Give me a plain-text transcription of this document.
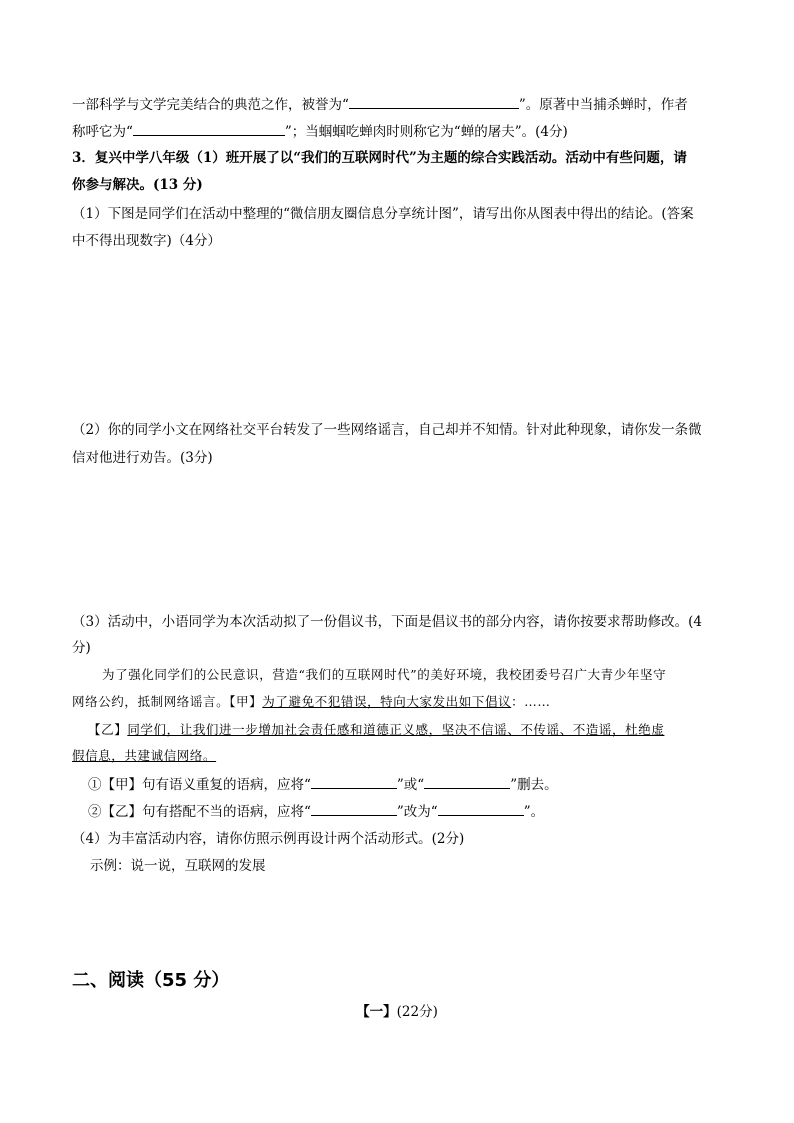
一部科学与文学完美结合的典范之作，被誉为“	”。原著中当捕杀蝉时，作者
称呼它为“	”；当蝈蝈吃蝉肉时则称它为“蝉的屠夫”。(4分)
3．复兴中学八年级（1）班开展了以“我们的互联网时代”为主题的综合实践活动。活动中有些问题，请
你参与解决。(13 分)
（1）下图是同学们在活动中整理的“微信朋友圈信息分享统计图”，请写出你从图表中得出的结论。(答案
中不得出现数字)（4分）
（2）你的同学小文在网络社交平台转发了一些网络谣言，自己却并不知情。针对此种现象，请你发一条微
信对他进行劝告。(3分)
（3）活动中，小语同学为本次活动拟了一份倡议书，下面是倡议书的部分内容，请你按要求帮助修改。(4
分)
为了强化同学们的公民意识，营造“我们的互联网时代”的美好环境，我校团委号召广大青少年坚守
网络公约，抵制网络谣言。【甲】为了避免不犯错误，特向大家发出如下倡议：……
【乙】同学们，让我们进一步增加社会责任感和道德正义感，坚决不信谣、不传谣、不造谣，杜绝虚
假信息，共建诚信网络。
①【甲】句有语义重复的语病，应将“	”或“	”删去。
②【乙】句有搭配不当的语病，应将“	”改为“	”。
（4）为丰富活动内容，请你仿照示例再设计两个活动形式。(2分)
示例：说一说，互联网的发展
二、阅读（55 分）
【一】(22分)
